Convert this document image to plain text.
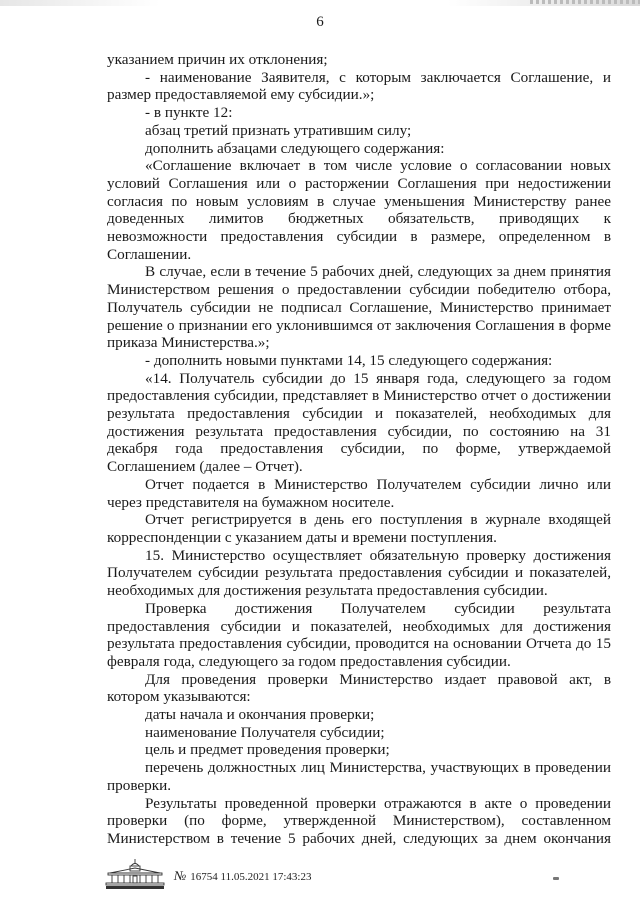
6

указанием причин их отклонения;

- наименование Заявителя, с которым заключается Соглашение, и размер предоставляемой ему субсидии.»;

- в пункте 12:

абзац третий признать утратившим силу;

дополнить абзацами следующего содержания:

«Соглашение включает в том числе условие о согласовании новых условий Соглашения или о расторжении Соглашения при недостижении согласия по новым условиям в случае уменьшения Министерству ранее доведенных лимитов бюджетных обязательств, приводящих к невозможности предоставления субсидии в размере, определенном в Соглашении.

В случае, если в течение 5 рабочих дней, следующих за днем принятия Министерством решения о предоставлении субсидии победителю отбора, Получатель субсидии не подписал Соглашение, Министерство принимает решение о признании его уклонившимся от заключения Соглашения в форме приказа Министерства.»;

- дополнить новыми пунктами 14, 15 следующего содержания:

«14. Получатель субсидии до 15 января года, следующего за годом предоставления субсидии, представляет в Министерство отчет о достижении результата предоставления субсидии и показателей, необходимых для достижения результата предоставления субсидии, по состоянию на 31 декабря года предоставления субсидии, по форме, утверждаемой Соглашением (далее – Отчет).

Отчет подается в Министерство Получателем субсидии лично или через представителя на бумажном носителе.

Отчет регистрируется в день его поступления в журнале входящей корреспонденции с указанием даты и времени поступления.

15. Министерство осуществляет обязательную проверку достижения Получателем субсидии результата предоставления субсидии и показателей, необходимых для достижения результата предоставления субсидии.

Проверка достижения Получателем субсидии результата предоставления субсидии и показателей, необходимых для достижения результата предоставления субсидии, проводится на основании Отчета до 15 февраля года, следующего за годом предоставления субсидии.

Для проведения проверки Министерство издает правовой акт, в котором указываются:

даты начала и окончания проверки;

наименование Получателя субсидии;

цель и предмет проведения проверки;

перечень должностных лиц Министерства, участвующих в проведении проверки.

Результаты проведенной проверки отражаются в акте о проведении проверки (по форме, утвержденной Министерством), составленном Министерством в течение 5 рабочих дней, следующих за днем окончания

№ 16754 11.05.2021 17:43:23
